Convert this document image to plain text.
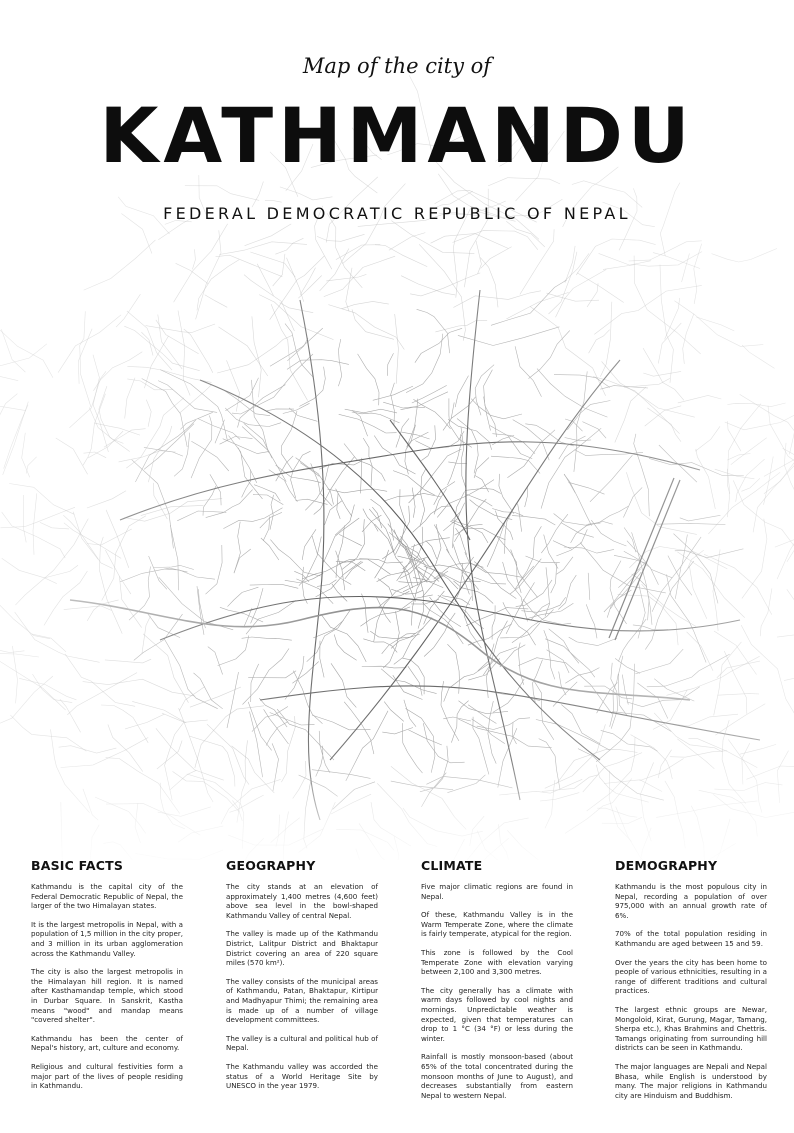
Map of the city of
KATHMANDU
FEDERAL DEMOCRATIC REPUBLIC OF NEPAL
BASIC FACTS

Kathmandu is the capital city of the Federal Democratic Republic of Nepal, the larger of the two Himalayan states.

It is the largest metropolis in Nepal, with a population of 1,5 million in the city proper, and 3 million in its urban agglomeration across the Kathmandu Valley.

The city is also the largest metropolis in the Himalayan hill region. It is named after Kasthamandap temple, which stood in Durbar Square. In Sanskrit, Kastha means "wood" and mandap means "covered shelter".

Kathmandu has been the center of Nepal's history, art, culture and economy.

Religious and cultural festivities form a major part of the lives of people residing in Kathmandu.

GEOGRAPHY

The city stands at an elevation of approximately 1,400 metres (4,600 feet) above sea level in the bowl-shaped Kathmandu Valley of central Nepal.

The valley is made up of the Kathmandu District, Lalitpur District and Bhaktapur District covering an area of 220 square miles (570 km²).

The valley consists of the municipal areas of Kathmandu, Patan, Bhaktapur, Kirtipur and Madhyapur Thimi; the remaining area is made up of a number of village development committees.

The valley is a cultural and political hub of Nepal.

The Kathmandu valley was accorded the status of a World Heritage Site by UNESCO in the year 1979.

CLIMATE

Five major climatic regions are found in Nepal.

Of these, Kathmandu Valley is in the Warm Temperate Zone, where the climate is fairly temperate, atypical for the region.

This zone is followed by the Cool Temperate Zone with elevation varying between 2,100 and 3,300 metres.

The city generally has a climate with warm days followed by cool nights and mornings. Unpredictable weather is expected, given that temperatures can drop to 1 °C (34 °F) or less during the winter.

Rainfall is mostly monsoon-based (about 65% of the total concentrated during the monsoon months of June to August), and decreases substantially from eastern Nepal to western Nepal.

DEMOGRAPHY

Kathmandu is the most populous city in Nepal, recording a population of over 975,000 with an annual growth rate of 6%.

70% of the total population residing in Kathmandu are aged between 15 and 59.

Over the years the city has been home to people of various ethnicities, resulting in a range of different traditions and cultural practices.

The largest ethnic groups are Newar, Mongoloid, Kirat, Gurung, Magar, Tamang, Sherpa etc.), Khas Brahmins and Chettris. Tamangs originating from surrounding hill districts can be seen in Kathmandu.

The major languages are Nepali and Nepal Bhasa, while English is understood by many. The major religions in Kathmandu city are Hinduism and Buddhism.
